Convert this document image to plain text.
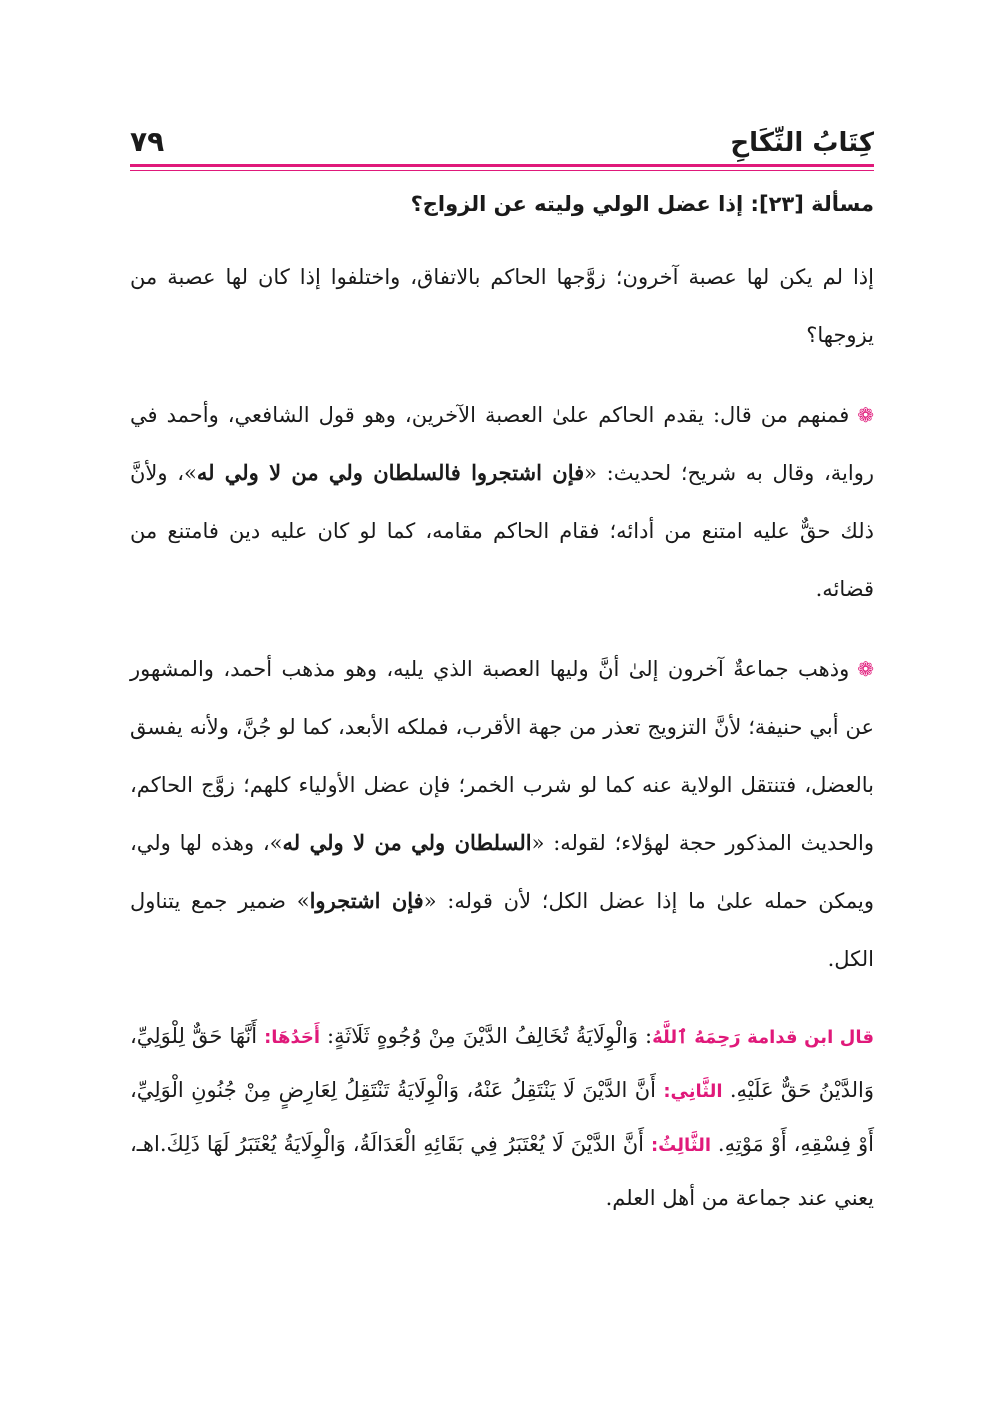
٧٩	كِتَابُ النِّكَاحِ
مسألة [٢٣]: إذا عضل الولي وليته عن الزواج؟

إذا لم يكن لها عصبة آخرون؛ زوَّجها الحاكم بالاتفاق، واختلفوا إذا كان لها عصبة من يزوجها؟

❁فمنهم من قال: يقدم الحاكم علىٰ العصبة الآخرين، وهو قول الشافعي، وأحمد في رواية، وقال به شريح؛ لحديث: «فإن اشتجروا فالسلطان ولي من لا ولي له»، ولأنَّ ذلك حقٌّ عليه امتنع من أدائه؛ فقام الحاكم مقامه، كما لو كان عليه دين فامتنع من قضائه.

❁وذهب جماعةٌ آخرون إلىٰ أنَّ وليها العصبة الذي يليه، وهو مذهب أحمد، والمشهور عن أبي حنيفة؛ لأنَّ التزويج تعذر من جهة الأقرب، فملكه الأبعد، كما لو جُنَّ، ولأنه يفسق بالعضل، فتنتقل الولاية عنه كما لو شرب الخمر؛ فإن عضل الأولياء كلهم؛ زوَّج الحاكم، والحديث المذكور حجة لهؤلاء؛ لقوله: «السلطان ولي من لا ولي له»، وهذه لها ولي، ويمكن حمله علىٰ ما إذا عضل الكل؛ لأن قوله: «فإن اشتجروا» ضمير جمع يتناول الكل.

قال ابن قدامة رَحِمَهُ ٱللَّهُ: وَالْوِلَايَةُ تُخَالِفُ الدَّيْنَ مِنْ وُجُوهٍ ثَلَاثَةٍ: أَحَدُهَا: أَنَّهَا حَقٌّ لِلْوَلِيِّ، وَالدَّيْنُ حَقٌّ عَلَيْهِ. الثَّانِي: أَنَّ الدَّيْنَ لَا يَنْتَقِلُ عَنْهُ، وَالْوِلَايَةُ تَنْتَقِلُ لِعَارِضٍ مِنْ جُنُونِ الْوَلِيِّ، أَوْ فِسْقِهِ، أَوْ مَوْتِهِ. الثَّالِثُ: أَنَّ الدَّيْنَ لَا يُعْتَبَرُ فِي بَقَائِهِ الْعَدَالَةُ، وَالْوِلَايَةُ يُعْتَبَرُ لَهَا ذَلِكَ.اهـ، يعني عند جماعة من أهل العلم.
